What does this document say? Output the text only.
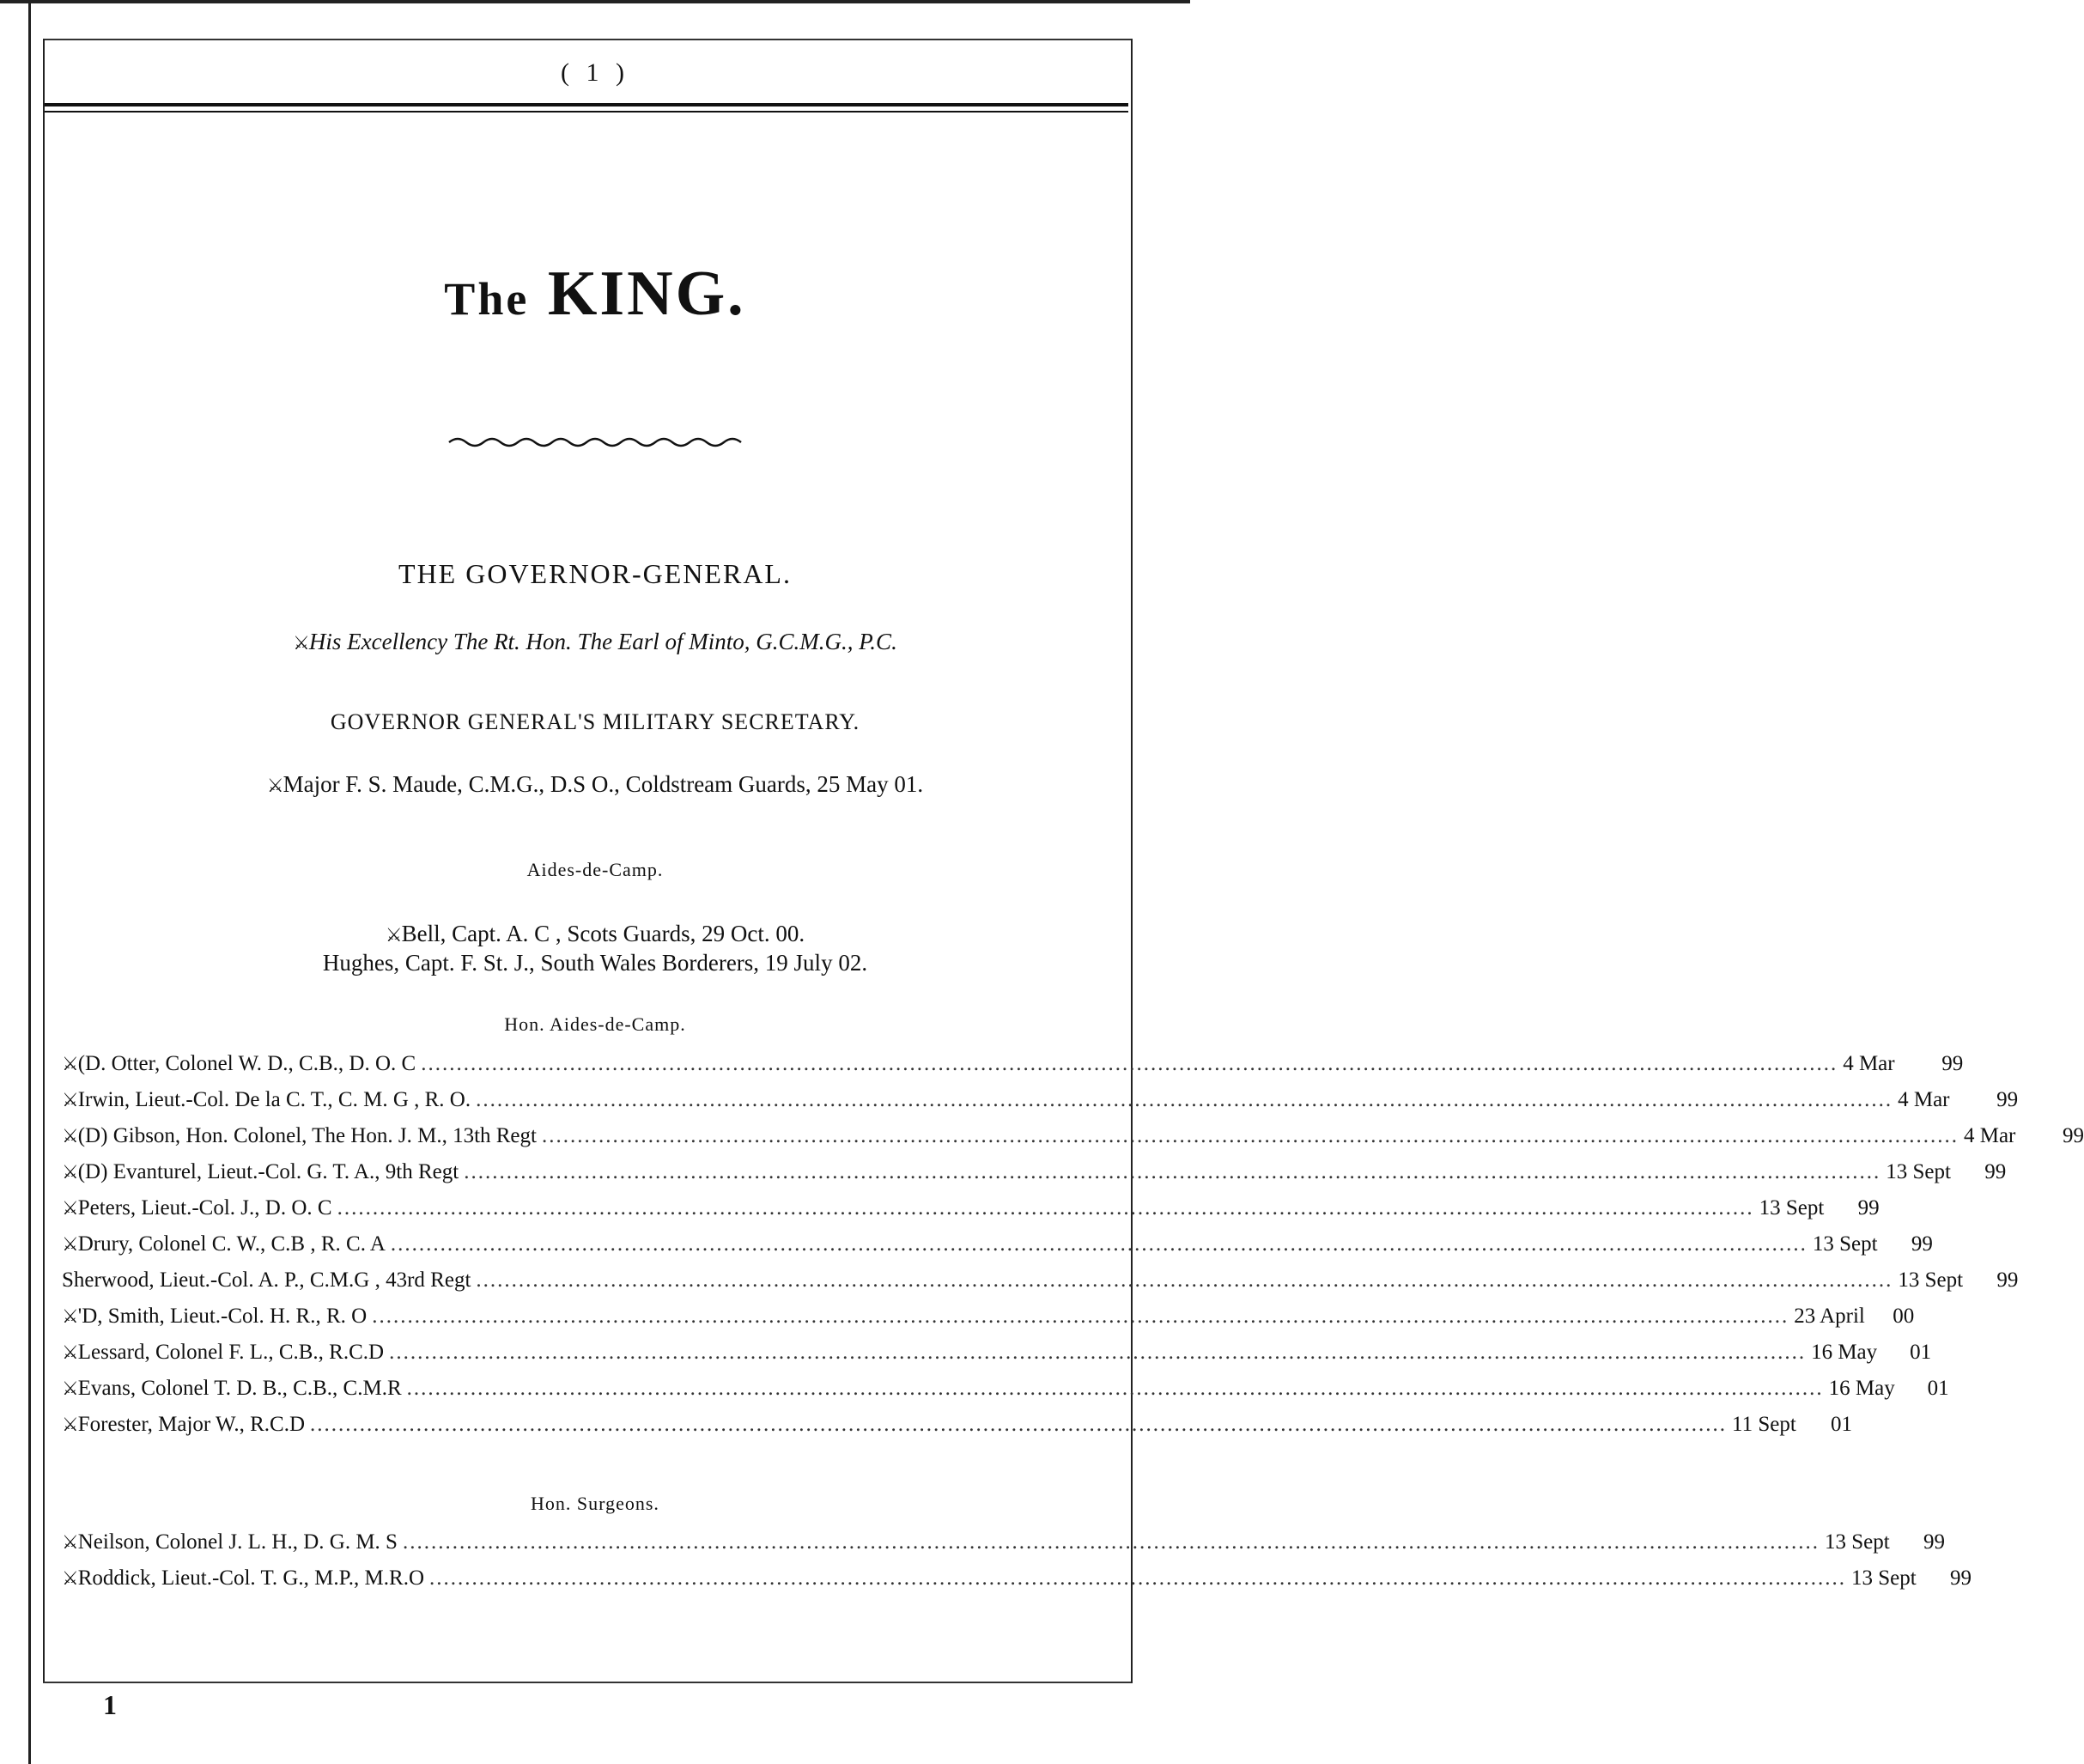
( 1 )
The KING.
THE GOVERNOR-GENERAL.
⚔ His Excellency The Rt. Hon. The Earl of Minto, G.C.M.G., P.C.
GOVERNOR GENERAL'S MILITARY SECRETARY.
⚔ Major F. S. Maude, C.M.G., D.S O., Coldstream Guards, 25 May 01.
Aides-de-Camp.
⚔ Bell, Capt. A. C , Scots Guards, 29 Oct. 00.
Hughes, Capt. F. St. J., South Wales Borderers, 19 July 02.
Hon. Aides-de-Camp.
⚔ (D. Otter, Colonel W. D., C.B., D. O. C ........................................................................................................................................................................................................ 4 Mar	99
⚔ Irwin, Lieut.-Col. De la C. T., C. M. G , R. O. ........................................................................................................................................................................................................ 4 Mar	99
⚔ (D) Gibson, Hon. Colonel, The Hon. J. M., 13th Regt ........................................................................................................................................................................................................ 4 Mar	99
⚔ (D) Evanturel, Lieut.-Col. G. T. A., 9th Regt ........................................................................................................................................................................................................ 13 Sept	99
⚔ Peters, Lieut.-Col. J., D. O. C ........................................................................................................................................................................................................ 13 Sept	99
⚔ Drury, Colonel C. W., C.B , R. C. A ........................................................................................................................................................................................................ 13 Sept	99
Sherwood, Lieut.-Col. A. P., C.M.G , 43rd Regt ........................................................................................................................................................................................................ 13 Sept	99
⚔ 'D, Smith, Lieut.-Col. H. R., R. O ........................................................................................................................................................................................................ 23 April	00
⚔ Lessard, Colonel F. L., C.B., R.C.D ........................................................................................................................................................................................................ 16 May	01
⚔ Evans, Colonel T. D. B., C.B., C.M.R ........................................................................................................................................................................................................ 16 May	01
⚔ Forester, Major W., R.C.D ........................................................................................................................................................................................................ 11 Sept	01
Hon. Surgeons.
⚔ Neilson, Colonel J. L. H., D. G. M. S ........................................................................................................................................................................................................ 13 Sept	99
⚔ Roddick, Lieut.-Col. T. G., M.P., M.R.O ........................................................................................................................................................................................................ 13 Sept	99
1
